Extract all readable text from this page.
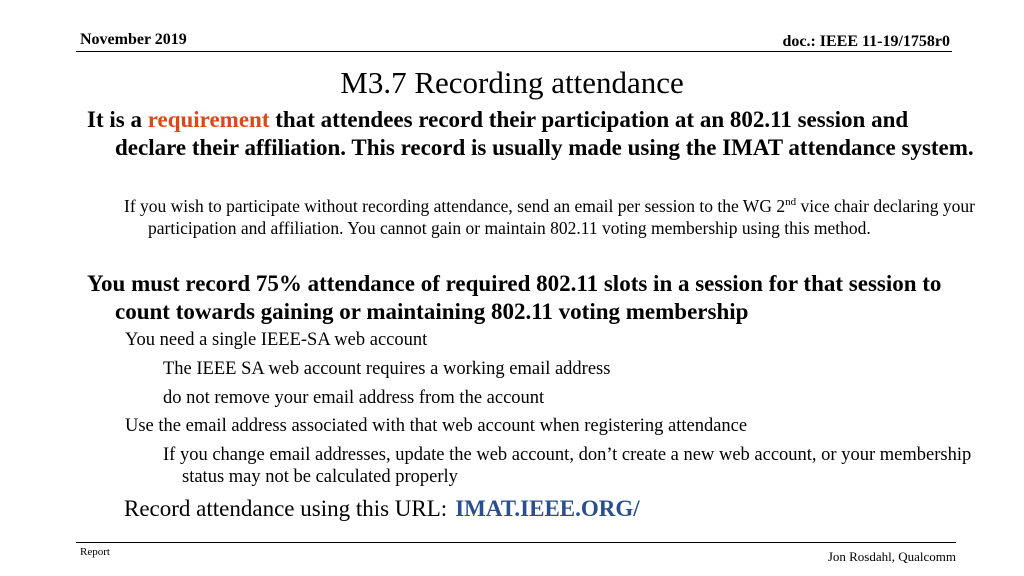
November 2019	doc.: IEEE 11-19/1758r0
M3.7 Recording attendance
It is a requirement that attendees record their participation at an 802.11 session and declare their affiliation. This record is usually made using the IMAT attendance system.
If you wish to participate without recording attendance, send an email per session to the WG 2nd vice chair declaring your participation and affiliation. You cannot gain or maintain 802.11 voting membership using this method.
You must record 75% attendance of required 802.11 slots in a session for that session to count towards gaining or maintaining 802.11 voting membership
You need a single IEEE-SA web account
The IEEE SA web account requires a working email address
do not remove your email address from the account
Use the email address associated with that web account when registering attendance
If you change email addresses, update the web account, don’t create a new web account, or your membership status may not be calculated properly
Record attendance using this URL: IMAT.IEEE.ORG/
Report	Jon Rosdahl, Qualcomm
